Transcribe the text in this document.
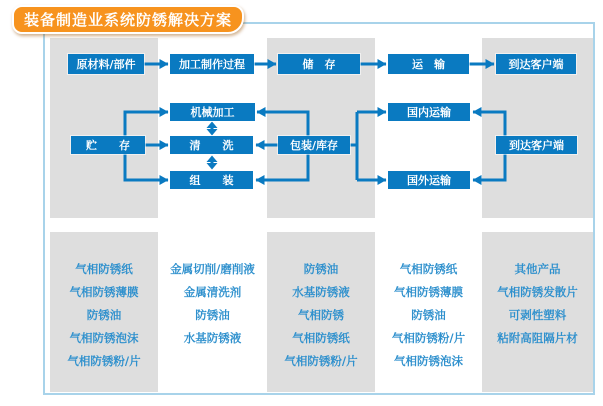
原材料/部件	加工制作过程	储　存	运　输	到达客户端
贮　　存
机械加工
清　　洗
组　　装
包装/库存
国内运输
国外运输
到达客户端
气相防锈纸
气相防锈薄膜
防锈油
气相防锈泡沫
气相防锈粉/片
金属切削/磨削液
金属清洗剂
防锈油
水基防锈液
防锈油
水基防锈液
气相防锈
气相防锈纸
气相防锈粉/片
气相防锈纸
气相防锈薄膜
防锈油
气相防锈粉/片
气相防锈泡沫
其他产品
气相防锈发散片
可剥性塑料
粘附高阻隔片材
装备制造业系统防锈解决方案
